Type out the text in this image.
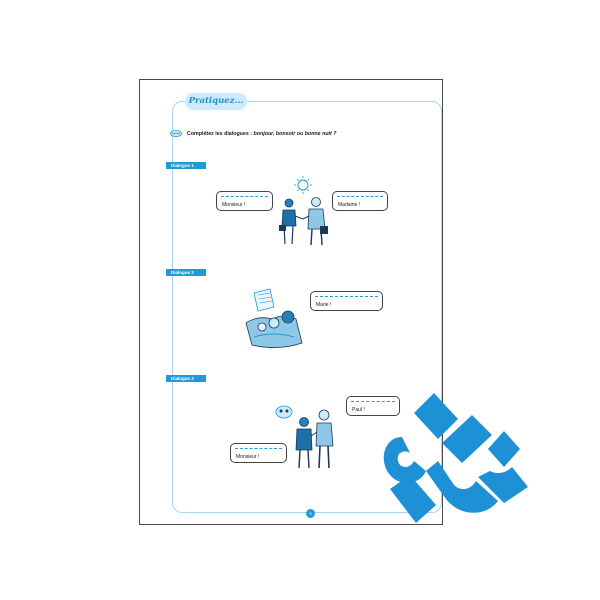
Pratiquez...
Complétez les dialogues : bonjour, bonsoir ou bonne nuit ?
Dialogue 1
Monsieur !	Madame !
Dialogue 2
Marie !
Dialogue 3
Paul !
Monsieur !
9
